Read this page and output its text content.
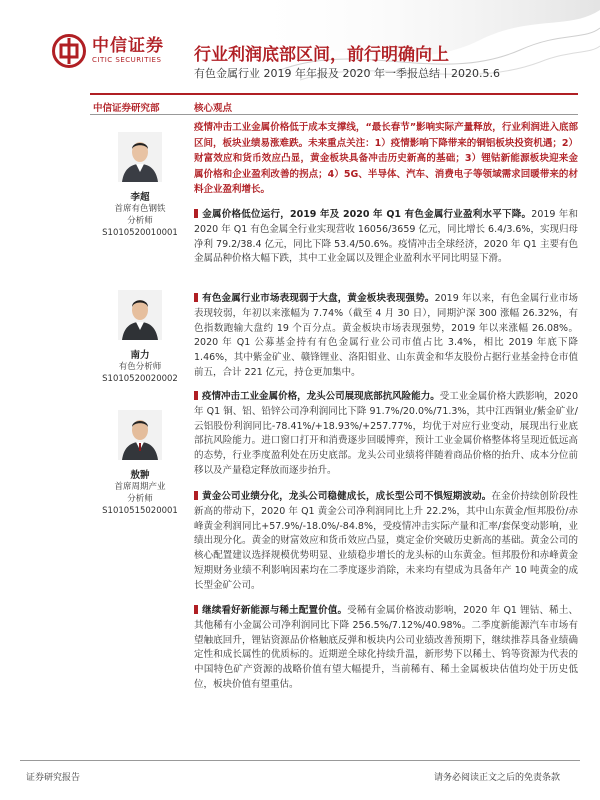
中信证券
CITIC SECURITIES 行业利润底部区间，前行明确向上
有色金属行业 2019 年年报及 2020 年一季报总结丨2020.5.6
中信证券研究部	核心观点
李超
首席有色钢铁
分析师
S1010520010001
南力
有色分析师
S1010520020002
敖翀
首席周期产业
分析师
S1010515020001
疫情冲击工业金属价格低于成本支撑线，“最长春节”影响实际产量释放，行业利润进入底部区间，板块业绩易涨难跌。未来重点关注：1）疫情影响下降带来的铜铝板块投资机遇；2）财富效应和货币效应凸显，黄金板块具备冲击历史新高的基础；3）锂钴新能源板块迎来金属价格和企业盈利改善的拐点；4）5G、半导体、汽车、消费电子等领域需求回暖带来的材料企业盈利增长。
金属价格低位运行，2019 年及 2020 年 Q1 有色金属行业盈利水平下降。2019 年和 2020 年 Q1 有色金属全行业实现营收 16056/3659 亿元，同比增长 6.4/3.6%，实现归母净利 79.2/38.4 亿元，同比下降 53.4/50.6%。疫情冲击全球经济，2020 年 Q1 主要有色金属品种价格大幅下跌，其中工业金属以及锂企业盈利水平同比明显下滑。
有色金属行业市场表现弱于大盘，黄金板块表现强势。2019 年以来，有色金属行业市场表现较弱，年初以来涨幅为 7.74%（截至 4 月 30 日），同期沪深 300 涨幅 26.32%，有色指数跑输大盘约 19 个百分点。黄金板块市场表现强势，2019 年以来涨幅 26.08%。2020 年 Q1 公募基金持有有色金属行业公司市值占比 3.4%，相比 2019 年底下降 1.46%，其中紫金矿业、赣锋锂业、洛阳钼业、山东黄金和华友股份占据行业基金持仓市值前五，合计 221 亿元，持仓更加集中。
疫情冲击工业金属价格，龙头公司展现底部抗风险能力。受工业金属价格大跌影响，2020 年 Q1 铜、铝、铅锌公司净利润同比下降 91.7%/20.0%/71.3%，其中江西铜业/紫金矿业/云铝股份利润同比-78.41%/+18.93%/+257.77%，均优于对应行业变动，展现出行业底部抗风险能力。进口窗口打开和消费逐步回暖博弈，预计工业金属价格整体将呈现近低远高的态势，行业季度盈利处在历史底部。龙头公司业绩将伴随着商品价格的抬升、成本分位前移以及产量稳定释放而逐步抬升。
黄金公司业绩分化，龙头公司稳健成长，成长型公司不惧短期波动。在金价持续创阶段性新高的带动下，2020 年 Q1 黄金公司净利润同比上升 22.2%，其中山东黄金/恒邦股份/赤峰黄金利润同比+57.9%/-18.0%/-84.8%，受疫情冲击实际产量和汇率/套保变动影响，业绩出现分化。黄金的财富效应和货币效应凸显，奠定金价突破历史新高的基础。黄金公司的核心配置建议选择规模优势明显、业绩稳步增长的龙头标的山东黄金。恒邦股份和赤峰黄金短期财务业绩不利影响因素均在二季度逐步消除，未来均有望成为具备年产 10 吨黄金的成长型金矿公司。
继续看好新能源与稀土配置价值。受稀有金属价格波动影响，2020 年 Q1 锂钴、稀土、其他稀有小金属公司净利润同比下降 256.5%/7.12%/40.98%。二季度新能源汽车市场有望触底回升，锂钴资源品价格触底反弹和板块内公司业绩改善预期下，继续推荐具备业绩确定性和成长属性的优质标的。近期逆全球化持续升温，新形势下以稀土、钨等资源为代表的中国特色矿产资源的战略价值有望大幅提升，当前稀有、稀土金属板块估值均处于历史低位，板块价值有望重估。
证券研究报告	请务必阅读正文之后的免责条款
